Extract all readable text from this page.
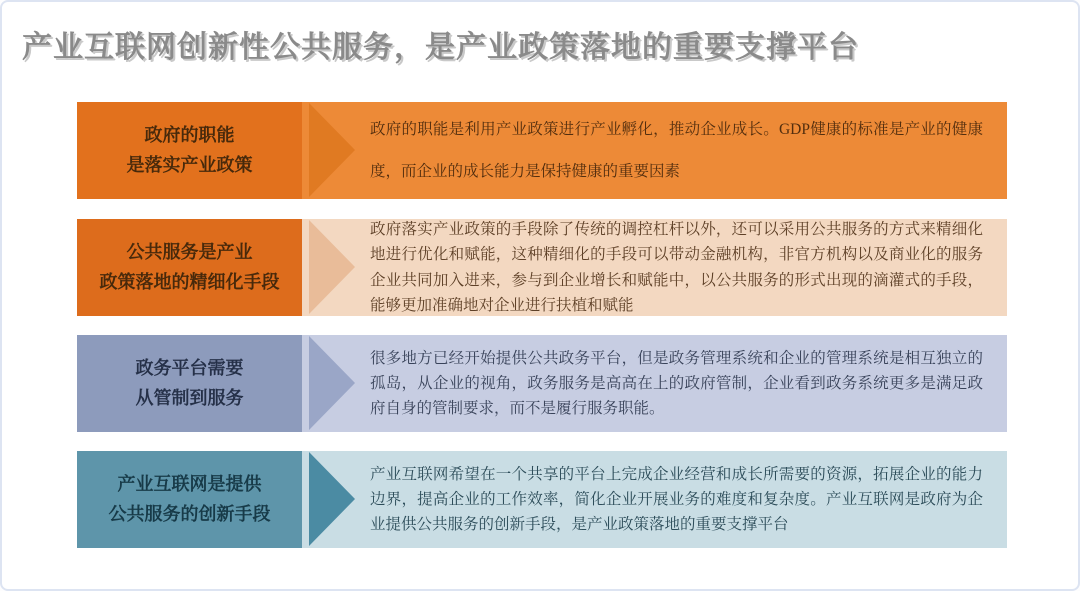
产业互联网创新性公共服务，是产业政策落地的重要支撑平台
政府的职能
是落实产业政策
政府的职能是利用产业政策进行产业孵化，推动企业成长。GDP健康的标准是产业的健康度，而企业的成长能力是保持健康的重要因素
公共服务是产业
政策落地的精细化手段
政府落实产业政策的手段除了传统的调控杠杆以外，还可以采用公共服务的方式来精细化地进行优化和赋能，这种精细化的手段可以带动金融机构，非官方机构以及商业化的服务企业共同加入进来，参与到企业增长和赋能中，以公共服务的形式出现的滴灌式的手段，能够更加准确地对企业进行扶植和赋能
政务平台需要
从管制到服务
很多地方已经开始提供公共政务平台，但是政务管理系统和企业的管理系统是相互独立的孤岛，从企业的视角，政务服务是高高在上的政府管制，企业看到政务系统更多是满足政府自身的管制要求，而不是履行服务职能。
产业互联网是提供
公共服务的创新手段
产业互联网希望在一个共享的平台上完成企业经营和成长所需要的资源，拓展企业的能力边界，提高企业的工作效率，简化企业开展业务的难度和复杂度。产业互联网是政府为企业提供公共服务的创新手段，是产业政策落地的重要支撑平台
